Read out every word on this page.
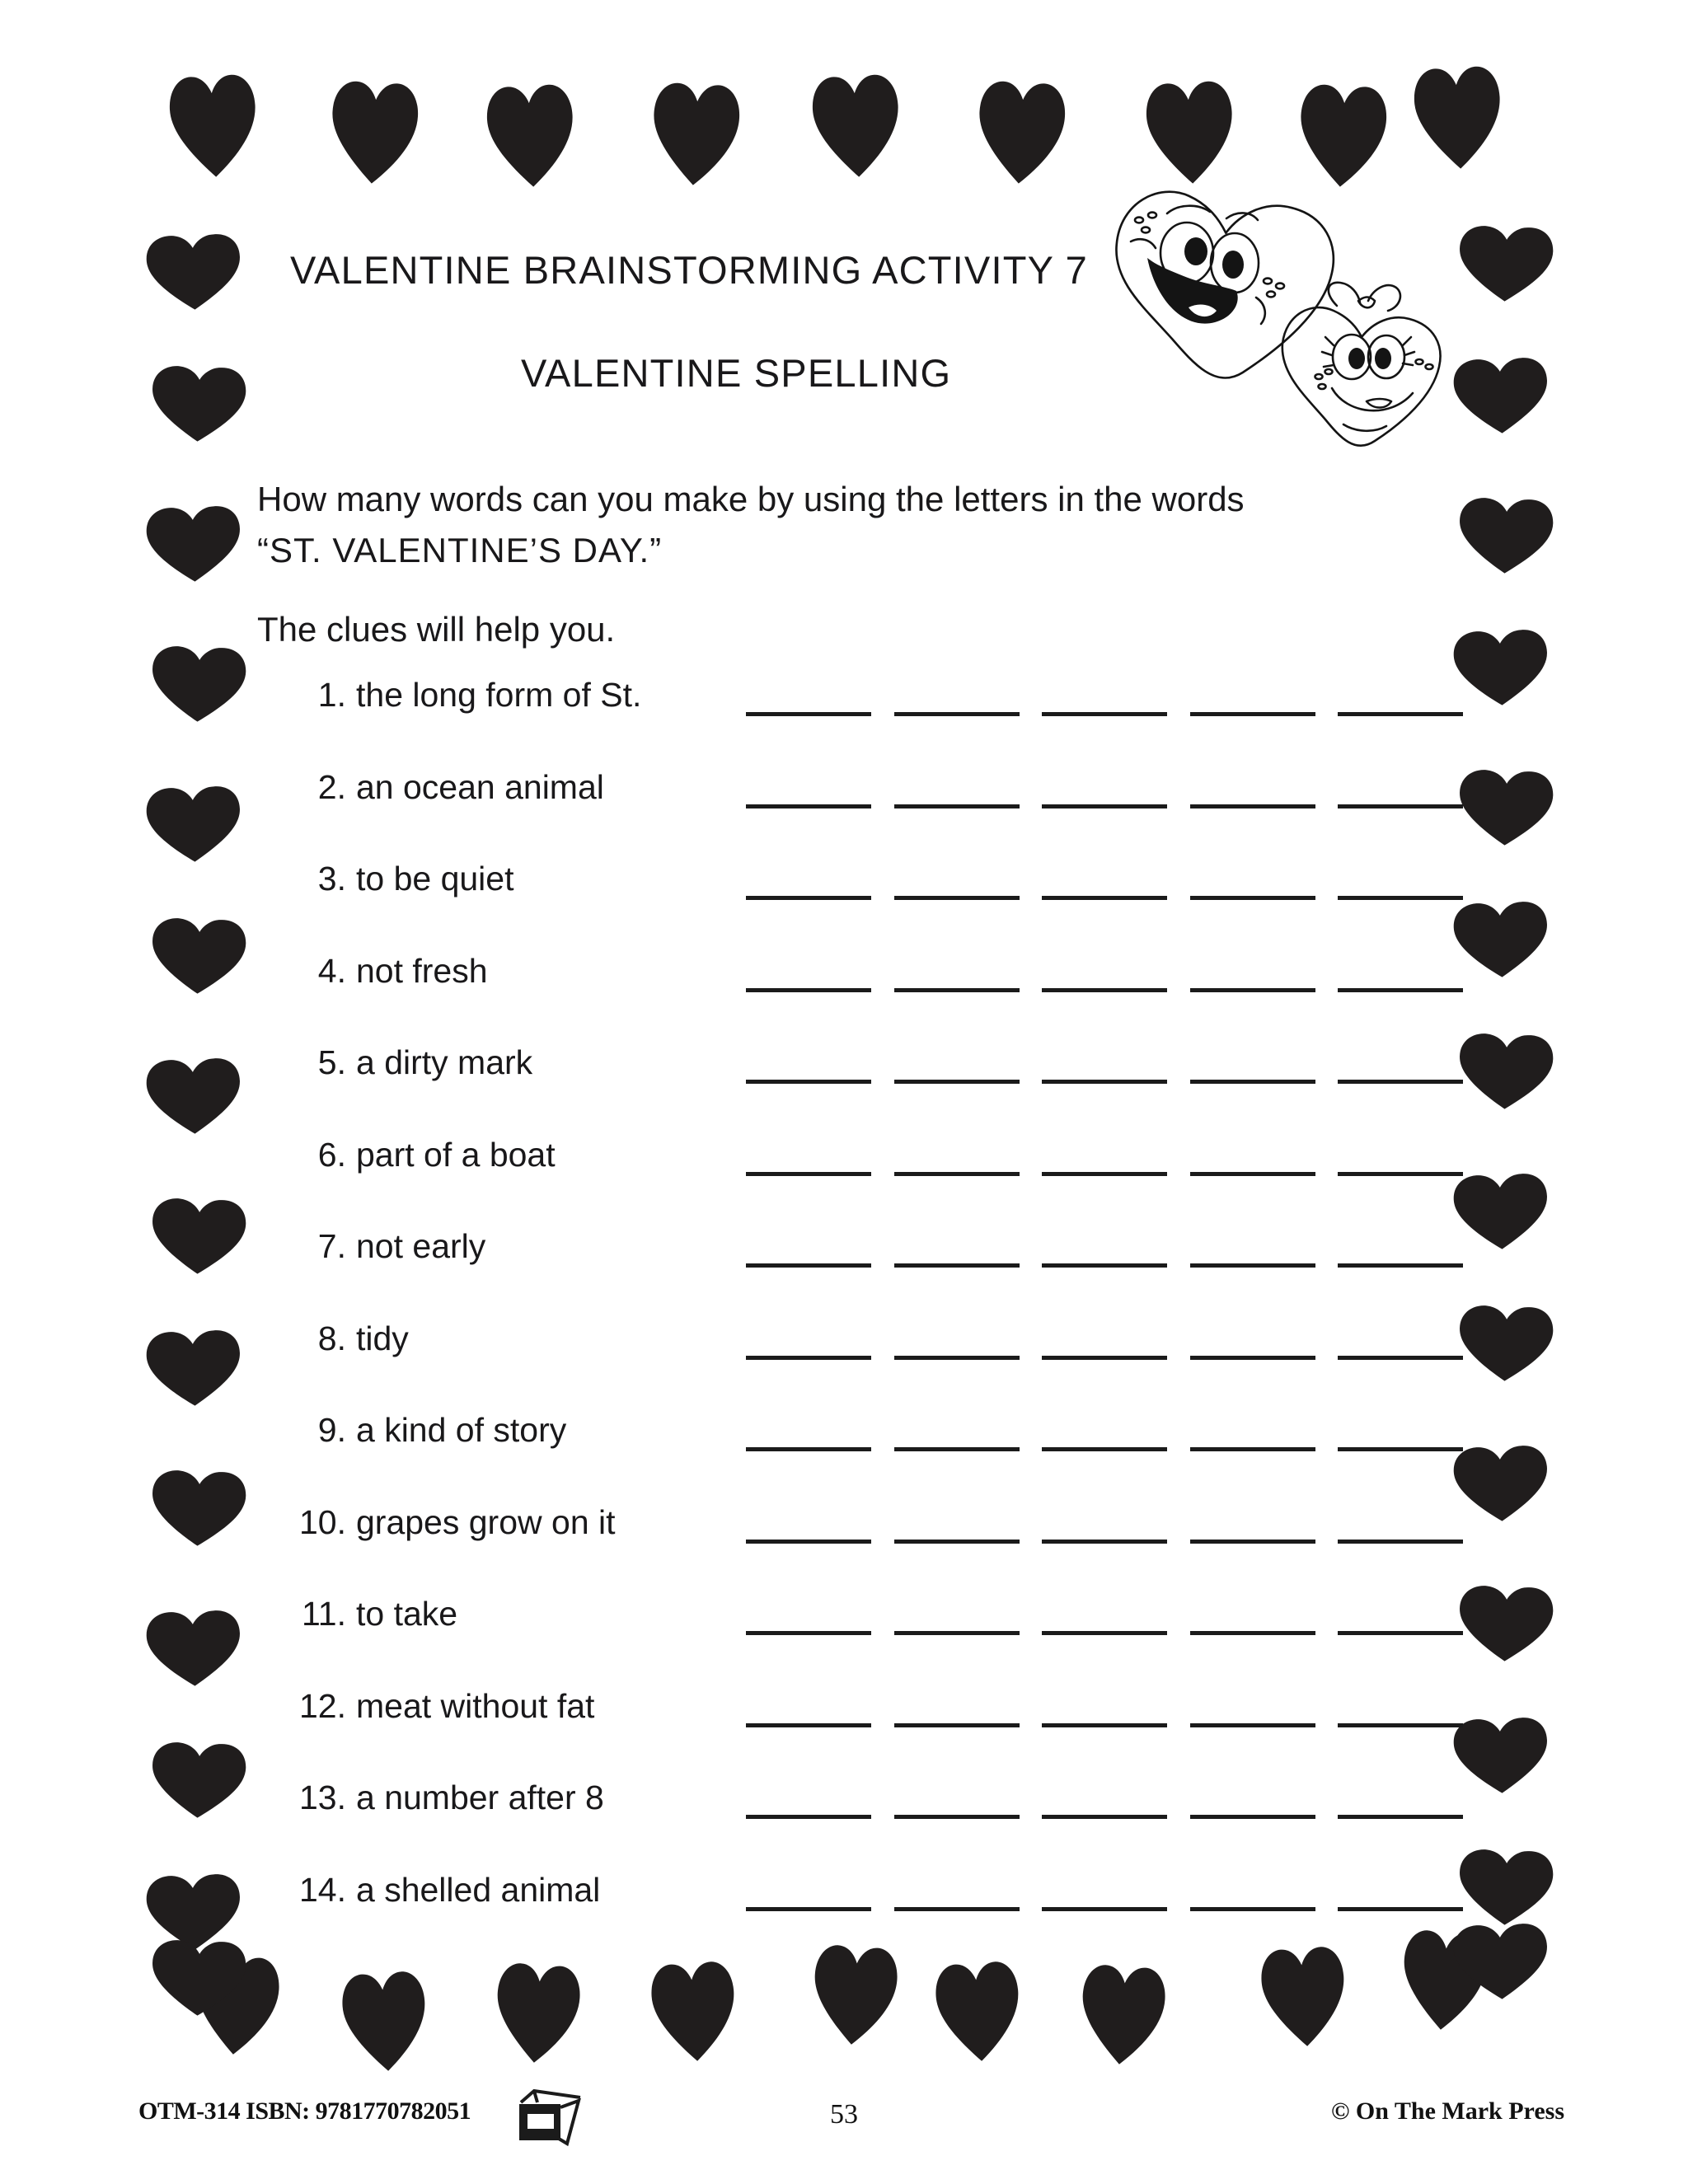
VALENTINE BRAINSTORMING ACTIVITY 7
VALENTINE SPELLING
How many words can you make by using the letters in the words
“ST. VALENTINE’S DAY.”
The clues will help you.
1. the long form of St.
2. an ocean animal
3. to be quiet
4. not fresh
5. a dirty mark
6. part of a boat
7. not early
8. tidy
9. a kind of story
10. grapes grow on it
11. to take
12. meat without fat
13. a number after 8
14. a shelled animal
OTM-314 ISBN: 9781770782051	53	© On The Mark Press
